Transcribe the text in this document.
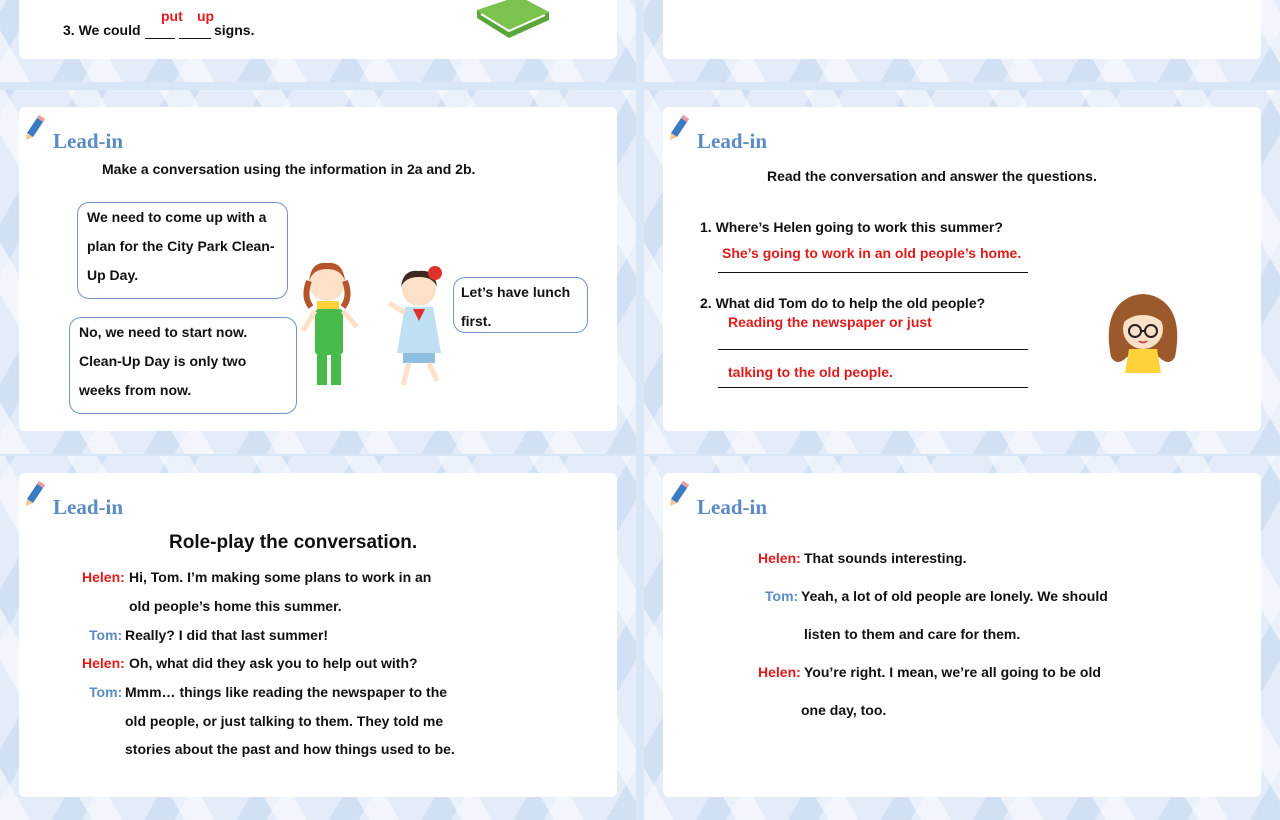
3. We could
put up
signs.
Lead-in
Make a conversation using the information in 2a and 2b.
We need to come up with a
plan for the City Park Clean-
Up Day.
No, we need to start now.
Clean-Up Day is only two
weeks from now.
Let’s have lunch
first.
Lead-in
Read the conversation and answer the questions.
1. Where’s Helen going to work this summer?
She’s going to work in an old people’s home.
2. What did Tom do to help the old people?
Reading the newspaper or just
talking to the old people.
Lead-in
Role-play the conversation.
Helen: Hi, Tom. I’m making some plans to work in an
old people’s home this summer.
Tom: Really? I did that last summer!
Helen: Oh, what did they ask you to help out with?
Tom: Mmm… things like reading the newspaper to the
old people, or just talking to them. They told me
stories about the past and how things used to be.
Lead-in
Helen: That sounds interesting.
Tom: Yeah, a lot of old people are lonely. We should
listen to them and care for them.
Helen: You’re right. I mean, we’re all going to be old
one day, too.
